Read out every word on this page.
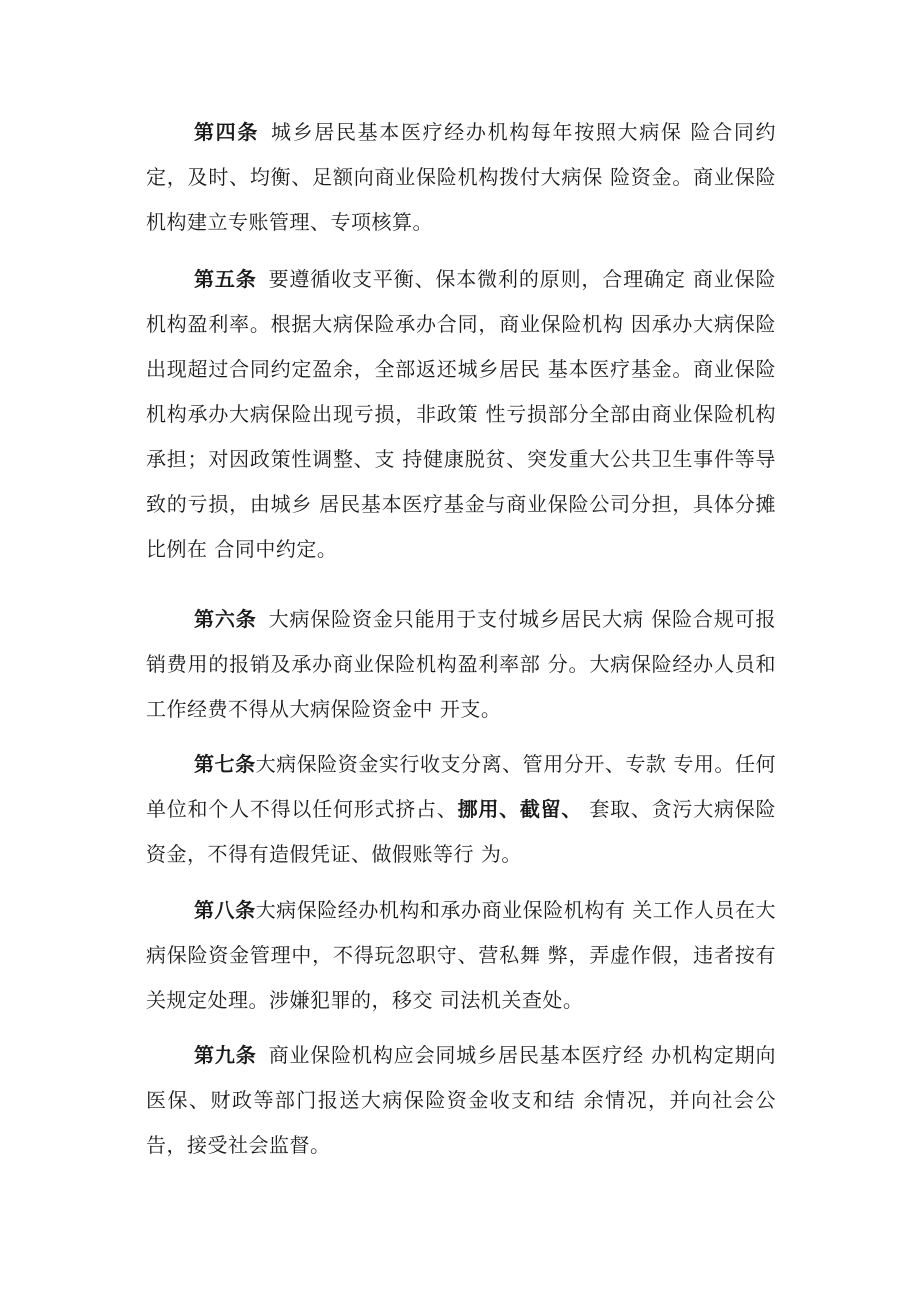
第四条 城乡居民基本医疗经办机构每年按照大病保 险合同约定，及时、均衡、足额向商业保险机构拨付大病保 险资金。商业保险机构建立专账管理、专项核算。

第五条 要遵循收支平衡、保本微利的原则，合理确定 商业保险机构盈利率。根据大病保险承办合同，商业保险机构 因承办大病保险出现超过合同约定盈余，全部返还城乡居民 基本医疗基金。商业保险机构承办大病保险出现亏损，非政策 性亏损部分全部由商业保险机构承担；对因政策性调整、支 持健康脱贫、突发重大公共卫生事件等导致的亏损，由城乡 居民基本医疗基金与商业保险公司分担，具体分摊比例在 合同中约定。

第六条 大病保险资金只能用于支付城乡居民大病 保险合规可报销费用的报销及承办商业保险机构盈利率部 分。大病保险经办人员和工作经费不得从大病保险资金中 开支。

第七条大病保险资金实行收支分离、管用分开、专款 专用。任何单位和个人不得以任何形式挤占、挪用、截留、 套取、贪污大病保险资金，不得有造假凭证、做假账等行 为。

第八条大病保险经办机构和承办商业保险机构有 关工作人员在大病保险资金管理中，不得玩忽职守、营私舞 弊，弄虚作假，违者按有关规定处理。涉嫌犯罪的，移交 司法机关查处。

第九条 商业保险机构应会同城乡居民基本医疗经 办机构定期向医保、财政等部门报送大病保险资金收支和结 余情况，并向社会公告，接受社会监督。
